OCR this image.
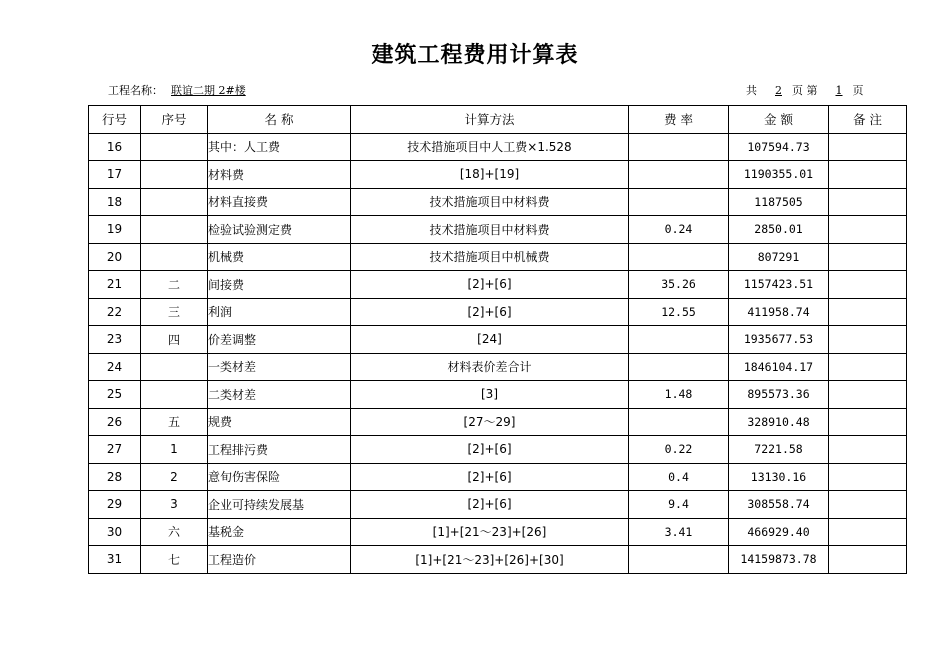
建筑工程费用计算表
工程名称： 联谊二期 2#楼	共 2 页 第 1 页
行号	序号	名 称	计算方法	费 率	金 额	备 注
16		其中：人工费	技术措施项目中人工费×1.528		107594.73	
17		材料费	[18]+[19]		1190355.01	
18		材料直接费	技术措施项目中材料费		1187505	
19		检验试验测定费	技术措施项目中材料费	0.24	2850.01	
20		机械费	技术措施项目中机械费		807291	
21	二	间接费	[2]+[6]	35.26	1157423.51	
22	三	利润	[2]+[6]	12.55	411958.74	
23	四	价差调整	[24]		1935677.53	
24		一类材差	材料表价差合计		1846104.17	
25		二类材差	[3]	1.48	895573.36	
26	五	规费	[27～29]		328910.48	
27	1	工程排污费	[2]+[6]	0.22	7221.58	
28	2	意旬伤害保险	[2]+[6]	0.4	13130.16	
29	3	企业可持续发展基	[2]+[6]	9.4	308558.74	
30	六	基税金	[1]+[21～23]+[26]	3.41	466929.40	
31	七	工程造价	[1]+[21～23]+[26]+[30]		14159873.78	
